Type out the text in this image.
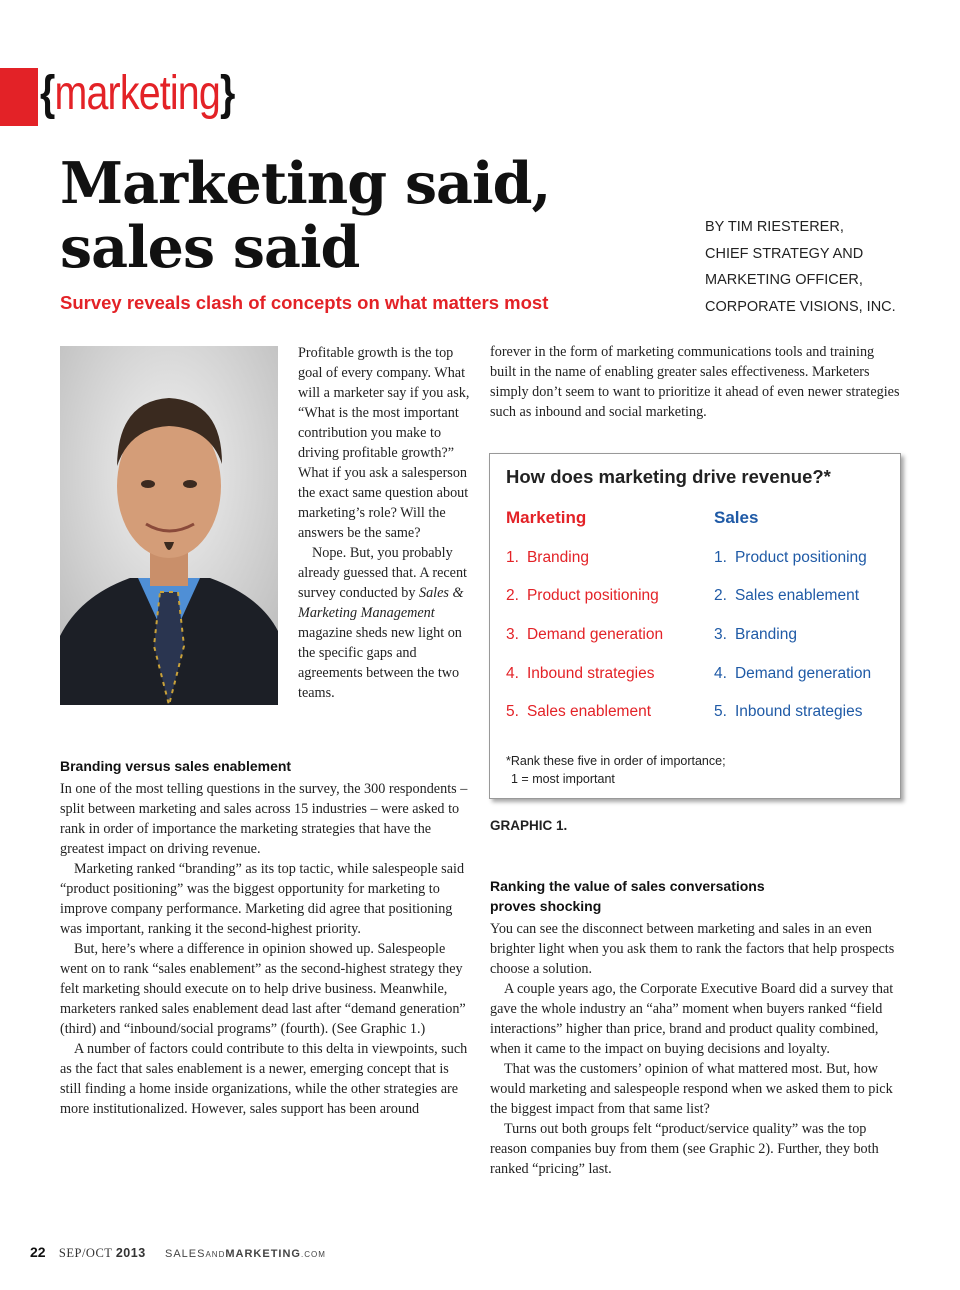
{marketing}
Marketing said,
sales said
Survey reveals clash of concepts on what matters most
BY TIM RIESTERER,
CHIEF STRATEGY AND
MARKETING OFFICER,
CORPORATE VISIONS, INC.

Profitable growth is the top goal of every company. What will a marketer say if you ask, “What is the most important contribution you make to driving profitable growth?” What if you ask a salesperson the exact same question about marketing’s role? Will the answers be the same?

Nope. But, you probably already guessed that. A recent survey conducted by Sales & Marketing Management magazine sheds new light on the specific gaps and agreements between the two teams.

Branding versus sales enablement

In one of the most telling questions in the survey, the 300 respondents – split between marketing and sales across 15 industries – were asked to rank in order of importance the marketing strategies that have the greatest impact on driving revenue.

Marketing ranked “branding” as its top tactic, while salespeople said “product positioning” was the biggest opportunity for marketing to improve company performance. Marketing did agree that positioning was important, ranking it the second-highest priority.

But, here’s where a difference in opinion showed up. Salespeople went on to rank “sales enablement” as the second-highest strategy they felt marketing should execute on to help drive business. Meanwhile, marketers ranked sales enablement dead last after “demand generation” (third) and “inbound/social programs” (fourth). (See Graphic 1.)

A number of factors could contribute to this delta in viewpoints, such as the fact that sales enablement is a newer, emerging concept that is still finding a home inside organizations, while the other strategies are more institutionalized. However, sales support has been around

forever in the form of marketing communications tools and training built in the name of enabling greater sales effectiveness. Marketers simply don’t seem to want to prioritize it ahead of even newer strategies such as inbound and social marketing.

How does marketing drive revenue?*
Marketing	Sales
1. Branding
2. Product positioning
3. Demand generation
4. Inbound strategies
5. Sales enablement
1. Product positioning
2. Sales enablement
3. Branding
4. Demand generation
5. Inbound strategies
*Rank these five in order of importance;
1 = most important
GRAPHIC 1.
Ranking the value of sales conversations
proves shocking

You can see the disconnect between marketing and sales in an even brighter light when you ask them to rank the factors that help prospects choose a solution.

A couple years ago, the Corporate Executive Board did a survey that gave the whole industry an “aha” moment when buyers ranked “field interactions” higher than price, brand and product quality combined, when it came to the impact on buying decisions and loyalty.

That was the customers’ opinion of what mattered most. But, how would marketing and salespeople respond when we asked them to pick the biggest impact from that same list?

Turns out both groups felt “product/service quality” was the top reason companies buy from them (see Graphic 2). Further, they both ranked “pricing” last.

22 SEP/OCT 2013 SALESANDMARKETING.COM
